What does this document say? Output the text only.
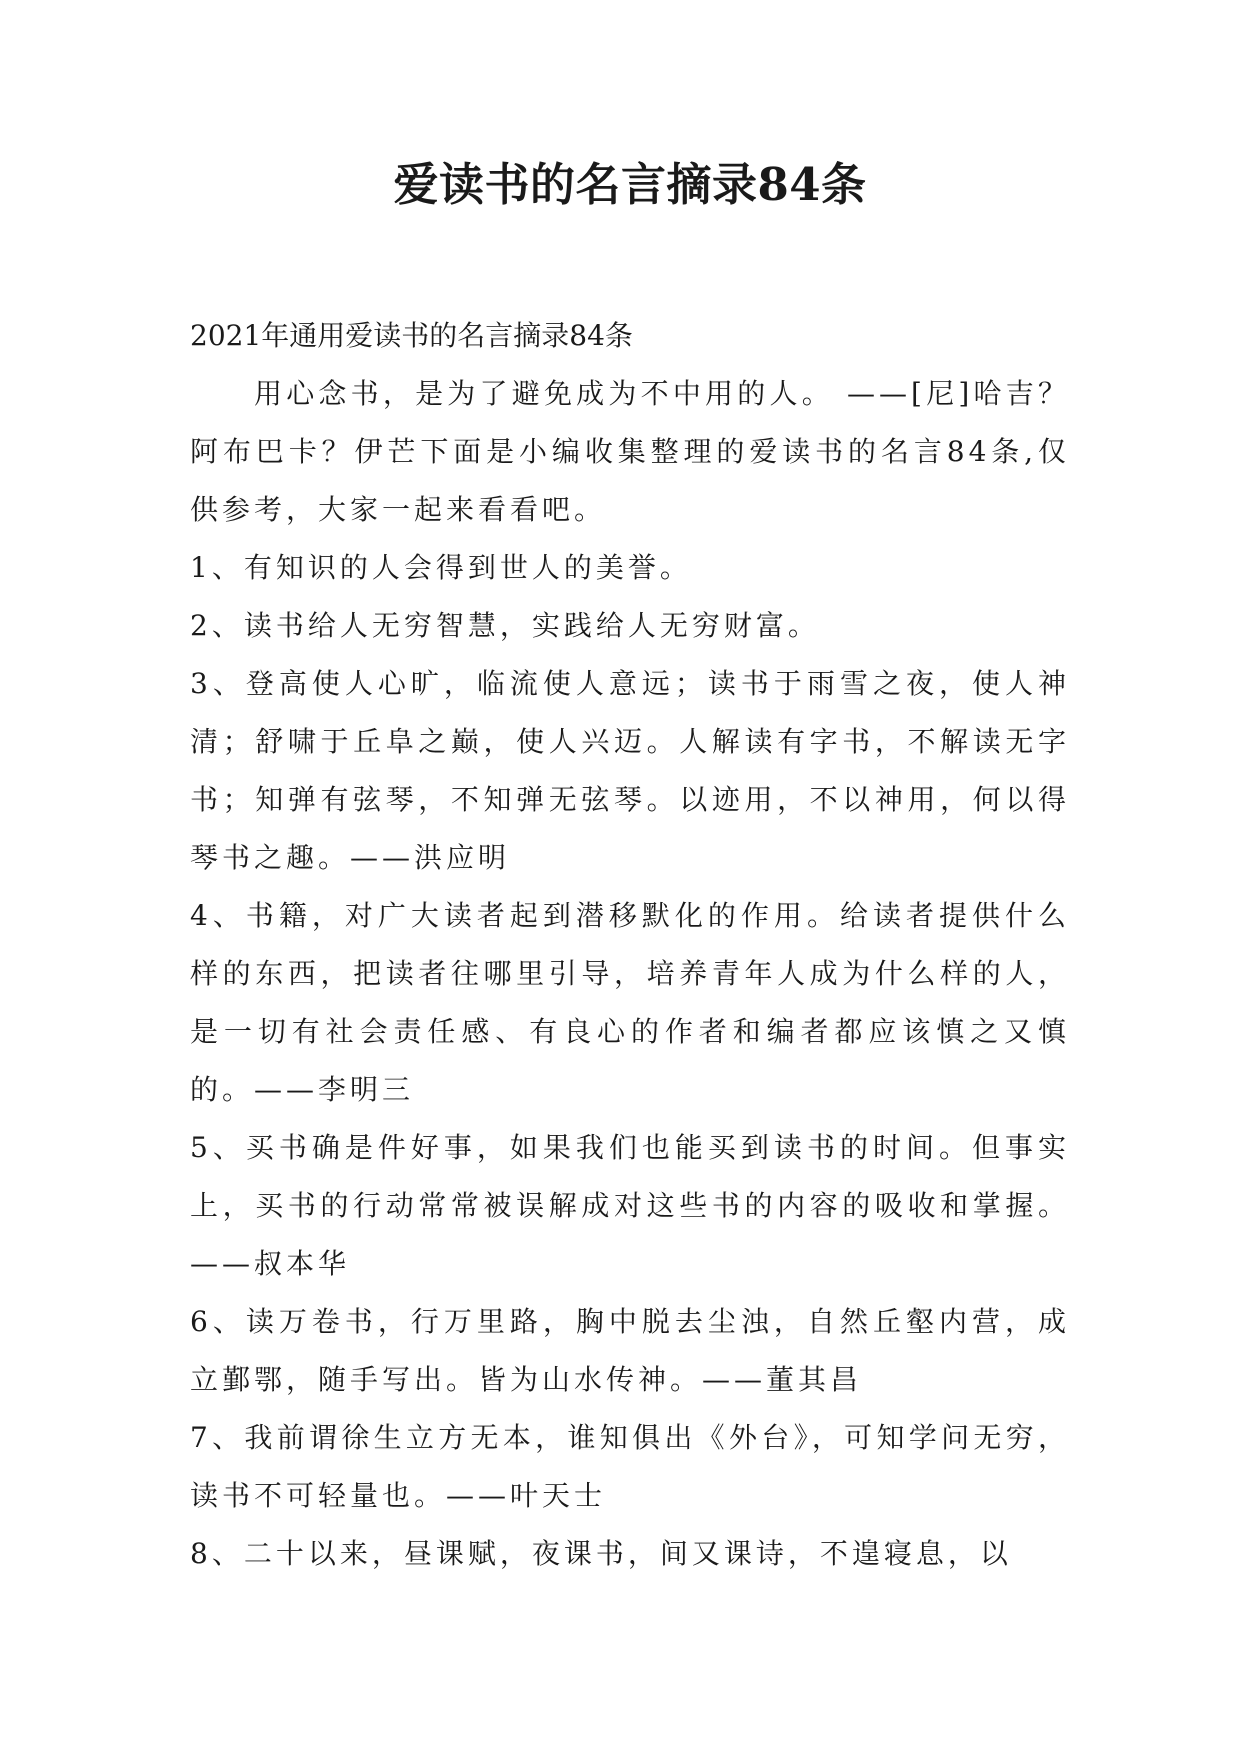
爱读书的名言摘录84条

2021年通用爱读书的名言摘录84条

用心念书，是为了避免成为不中用的人。 ——[尼]哈吉？阿布巴卡？伊芒下面是小编收集整理的爱读书的名言84条,仅供参考，大家一起来看看吧。

1、有知识的人会得到世人的美誉。

2、读书给人无穷智慧，实践给人无穷财富。

3、登高使人心旷，临流使人意远；读书于雨雪之夜，使人神清；舒啸于丘阜之巅，使人兴迈。人解读有字书，不解读无字书；知弹有弦琴，不知弹无弦琴。以迹用，不以神用，何以得琴书之趣。——洪应明

4、书籍，对广大读者起到潜移默化的作用。给读者提供什么样的东西，把读者往哪里引导，培养青年人成为什么样的人，是一切有社会责任感、有良心的作者和编者都应该慎之又慎的。——李明三

5、买书确是件好事，如果我们也能买到读书的时间。但事实上，买书的行动常常被误解成对这些书的内容的吸收和掌握。——叔本华

6、读万卷书，行万里路，胸中脱去尘浊，自然丘壑内营，成立鄞鄂，随手写出。皆为山水传神。——董其昌

7、我前谓徐生立方无本，谁知俱出《外台》，可知学问无穷，读书不可轻量也。——叶天士

8、二十以来，昼课赋，夜课书，间又课诗，不遑寝息，以
